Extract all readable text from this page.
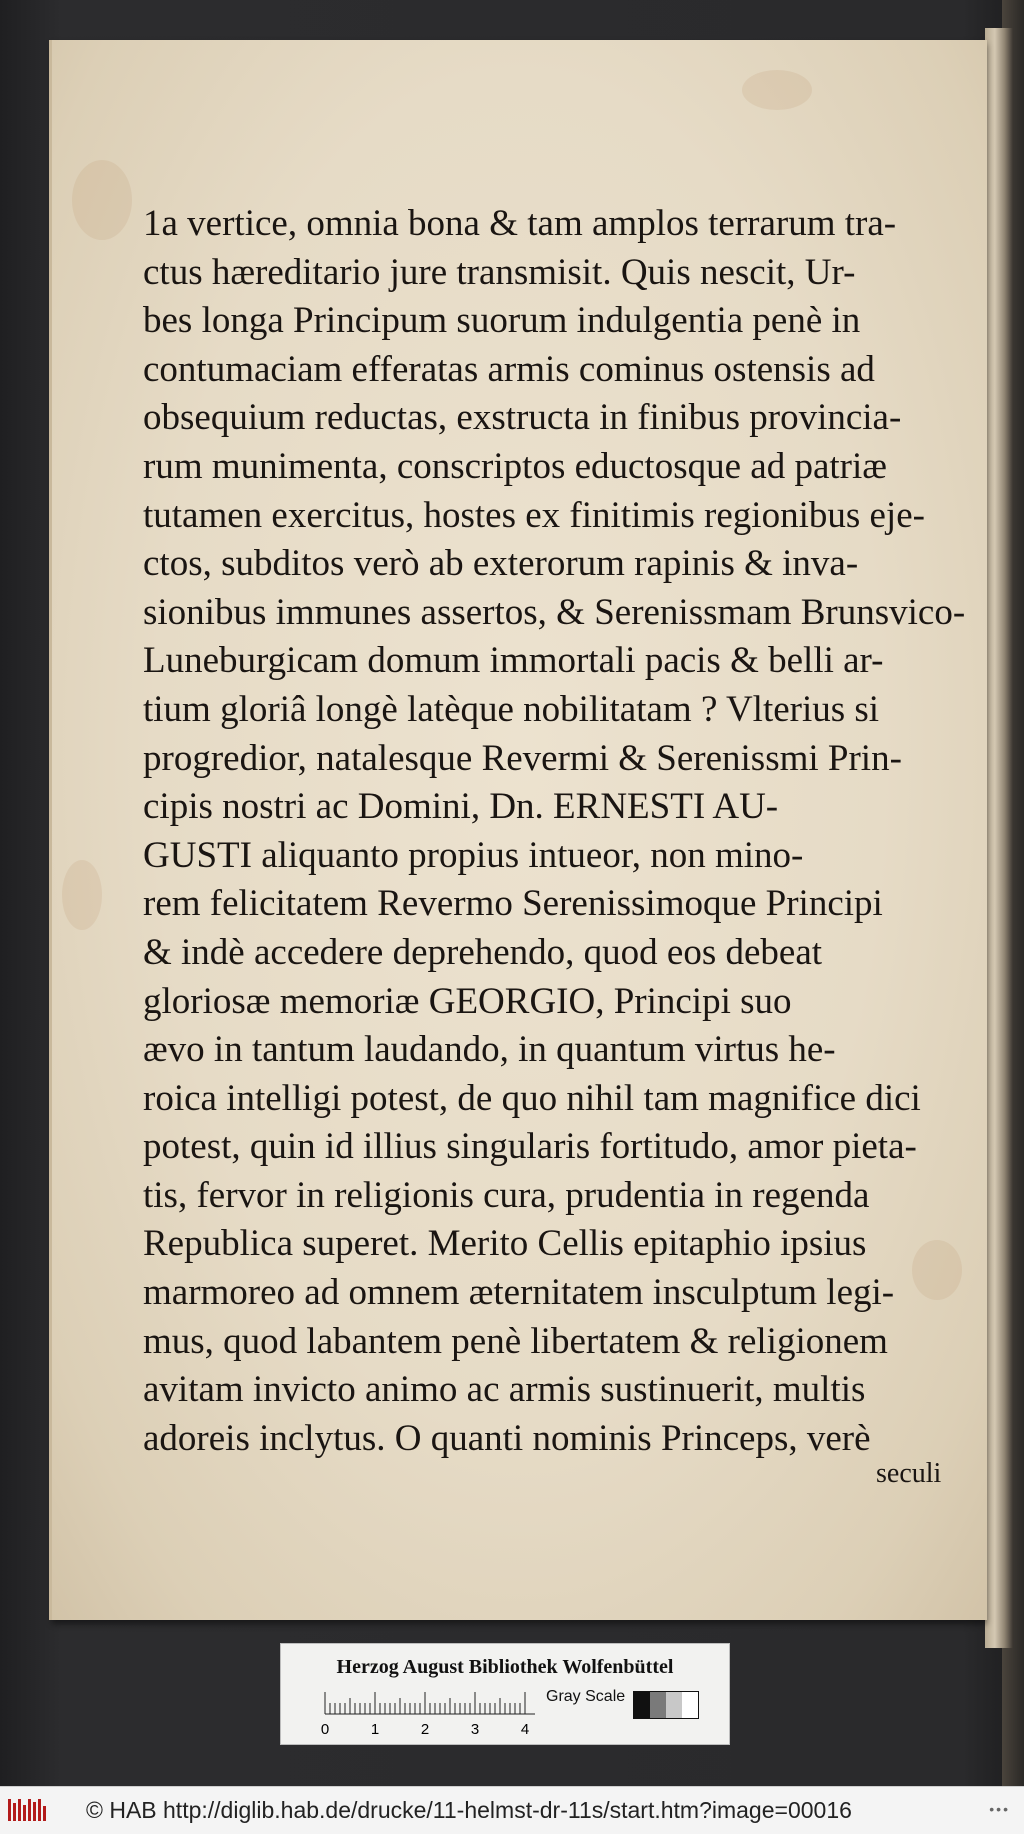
1a vertice, omnia bona & tam amplos terrarum tra-
ctus hæreditario jure transmisit. Quis nescit, Ur-
bes longa Principum suorum indulgentia penè in
contumaciam efferatas armis cominus ostensis ad
obsequium reductas, exstructa in finibus provincia-
rum munimenta, conscriptos eductosque ad patriæ
tutamen exercitus, hostes ex finitimis regionibus eje-
ctos, subditos verò ab exterorum rapinis & inva-
sionibus immunes assertos, & Serenissmam Brunsvico-
Luneburgicam domum immortali pacis & belli ar-
tium gloriâ longè latèque nobilitatam ? Vlterius si
progredior, natalesque Revermi & Serenissmi Prin-
cipis nostri ac Domini, Dn. ERNESTI AU-
GUSTI aliquanto propius intueor, non mino-
rem felicitatem Revermo Serenissimoque Principi
& indè accedere deprehendo, quod eos debeat
gloriosæ memoriæ GEORGIO, Principi suo
ævo in tantum laudando, in quantum virtus he-
roica intelligi potest, de quo nihil tam magnifice dici
potest, quin id illius singularis fortitudo, amor pieta-
tis, fervor in religionis cura, prudentia in regenda
Republica superet. Merito Cellis epitaphio ipsius
marmoreo ad omnem æternitatem insculptum legi-
mus, quod labantem penè libertatem & religionem
avitam invicto animo ac armis sustinuerit, multis
adoreis inclytus. O quanti nominis Princeps, verè
seculi
Herzog August Bibliothek Wolfenbüttel
0	1	2	3	4
Gray Scale
© HAB http://diglib.hab.de/drucke/11-helmst-dr-11s/start.htm?image=00016	•••
